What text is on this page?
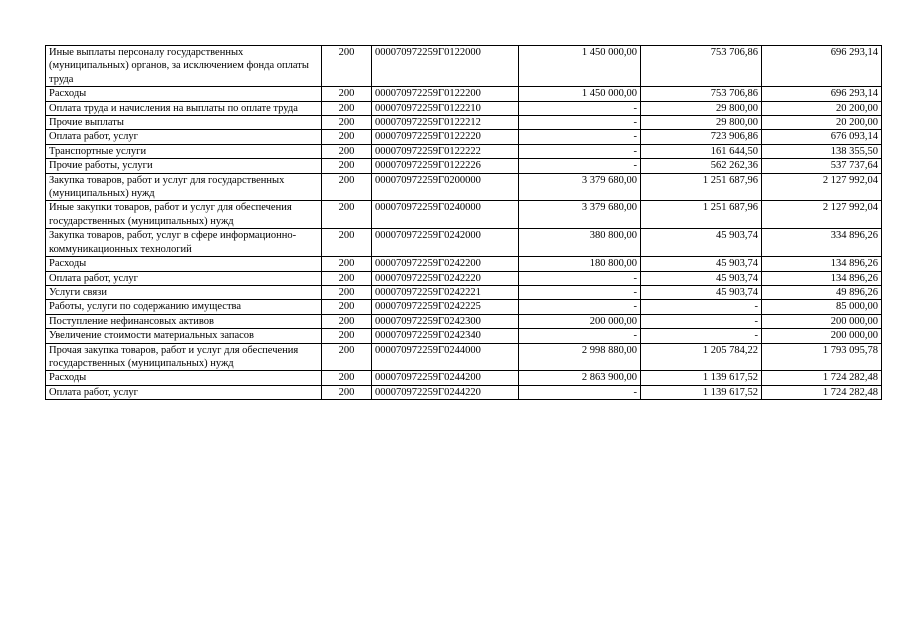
Иные выплаты персоналу государственных (муниципальных) органов, за исключением фонда оплаты труда	200	000070972259Г0122000	1 450 000,00	753 706,86	696 293,14
Расходы	200	000070972259Г0122200	1 450 000,00	753 706,86	696 293,14
Оплата труда и начисления на выплаты по оплате труда	200	000070972259Г0122210	-	29 800,00	20 200,00
Прочие выплаты	200	000070972259Г0122212	-	29 800,00	20 200,00
Оплата работ, услуг	200	000070972259Г0122220	-	723 906,86	676 093,14
Транспортные услуги	200	000070972259Г0122222	-	161 644,50	138 355,50
Прочие работы, услуги	200	000070972259Г0122226	-	562 262,36	537 737,64
Закупка товаров, работ и услуг для государственных (муниципальных) нужд	200	000070972259Г0200000	3 379 680,00	1 251 687,96	2 127 992,04
Иные закупки товаров, работ и услуг для обеспечения государственных (муниципальных) нужд	200	000070972259Г0240000	3 379 680,00	1 251 687,96	2 127 992,04
Закупка товаров, работ, услуг в сфере информационно-коммуникационных технологий	200	000070972259Г0242000	380 800,00	45 903,74	334 896,26
Расходы	200	000070972259Г0242200	180 800,00	45 903,74	134 896,26
Оплата работ, услуг	200	000070972259Г0242220	-	45 903,74	134 896,26
Услуги связи	200	000070972259Г0242221	-	45 903,74	49 896,26
Работы, услуги по содержанию имущества	200	000070972259Г0242225	-	-	85 000,00
Поступление нефинансовых активов	200	000070972259Г0242300	200 000,00	-	200 000,00
Увеличение стоимости материальных запасов	200	000070972259Г0242340	-	-	200 000,00
Прочая закупка товаров, работ и услуг для обеспечения государственных (муниципальных) нужд	200	000070972259Г0244000	2 998 880,00	1 205 784,22	1 793 095,78
Расходы	200	000070972259Г0244200	2 863 900,00	1 139 617,52	1 724 282,48
Оплата работ, услуг	200	000070972259Г0244220	-	1 139 617,52	1 724 282,48
